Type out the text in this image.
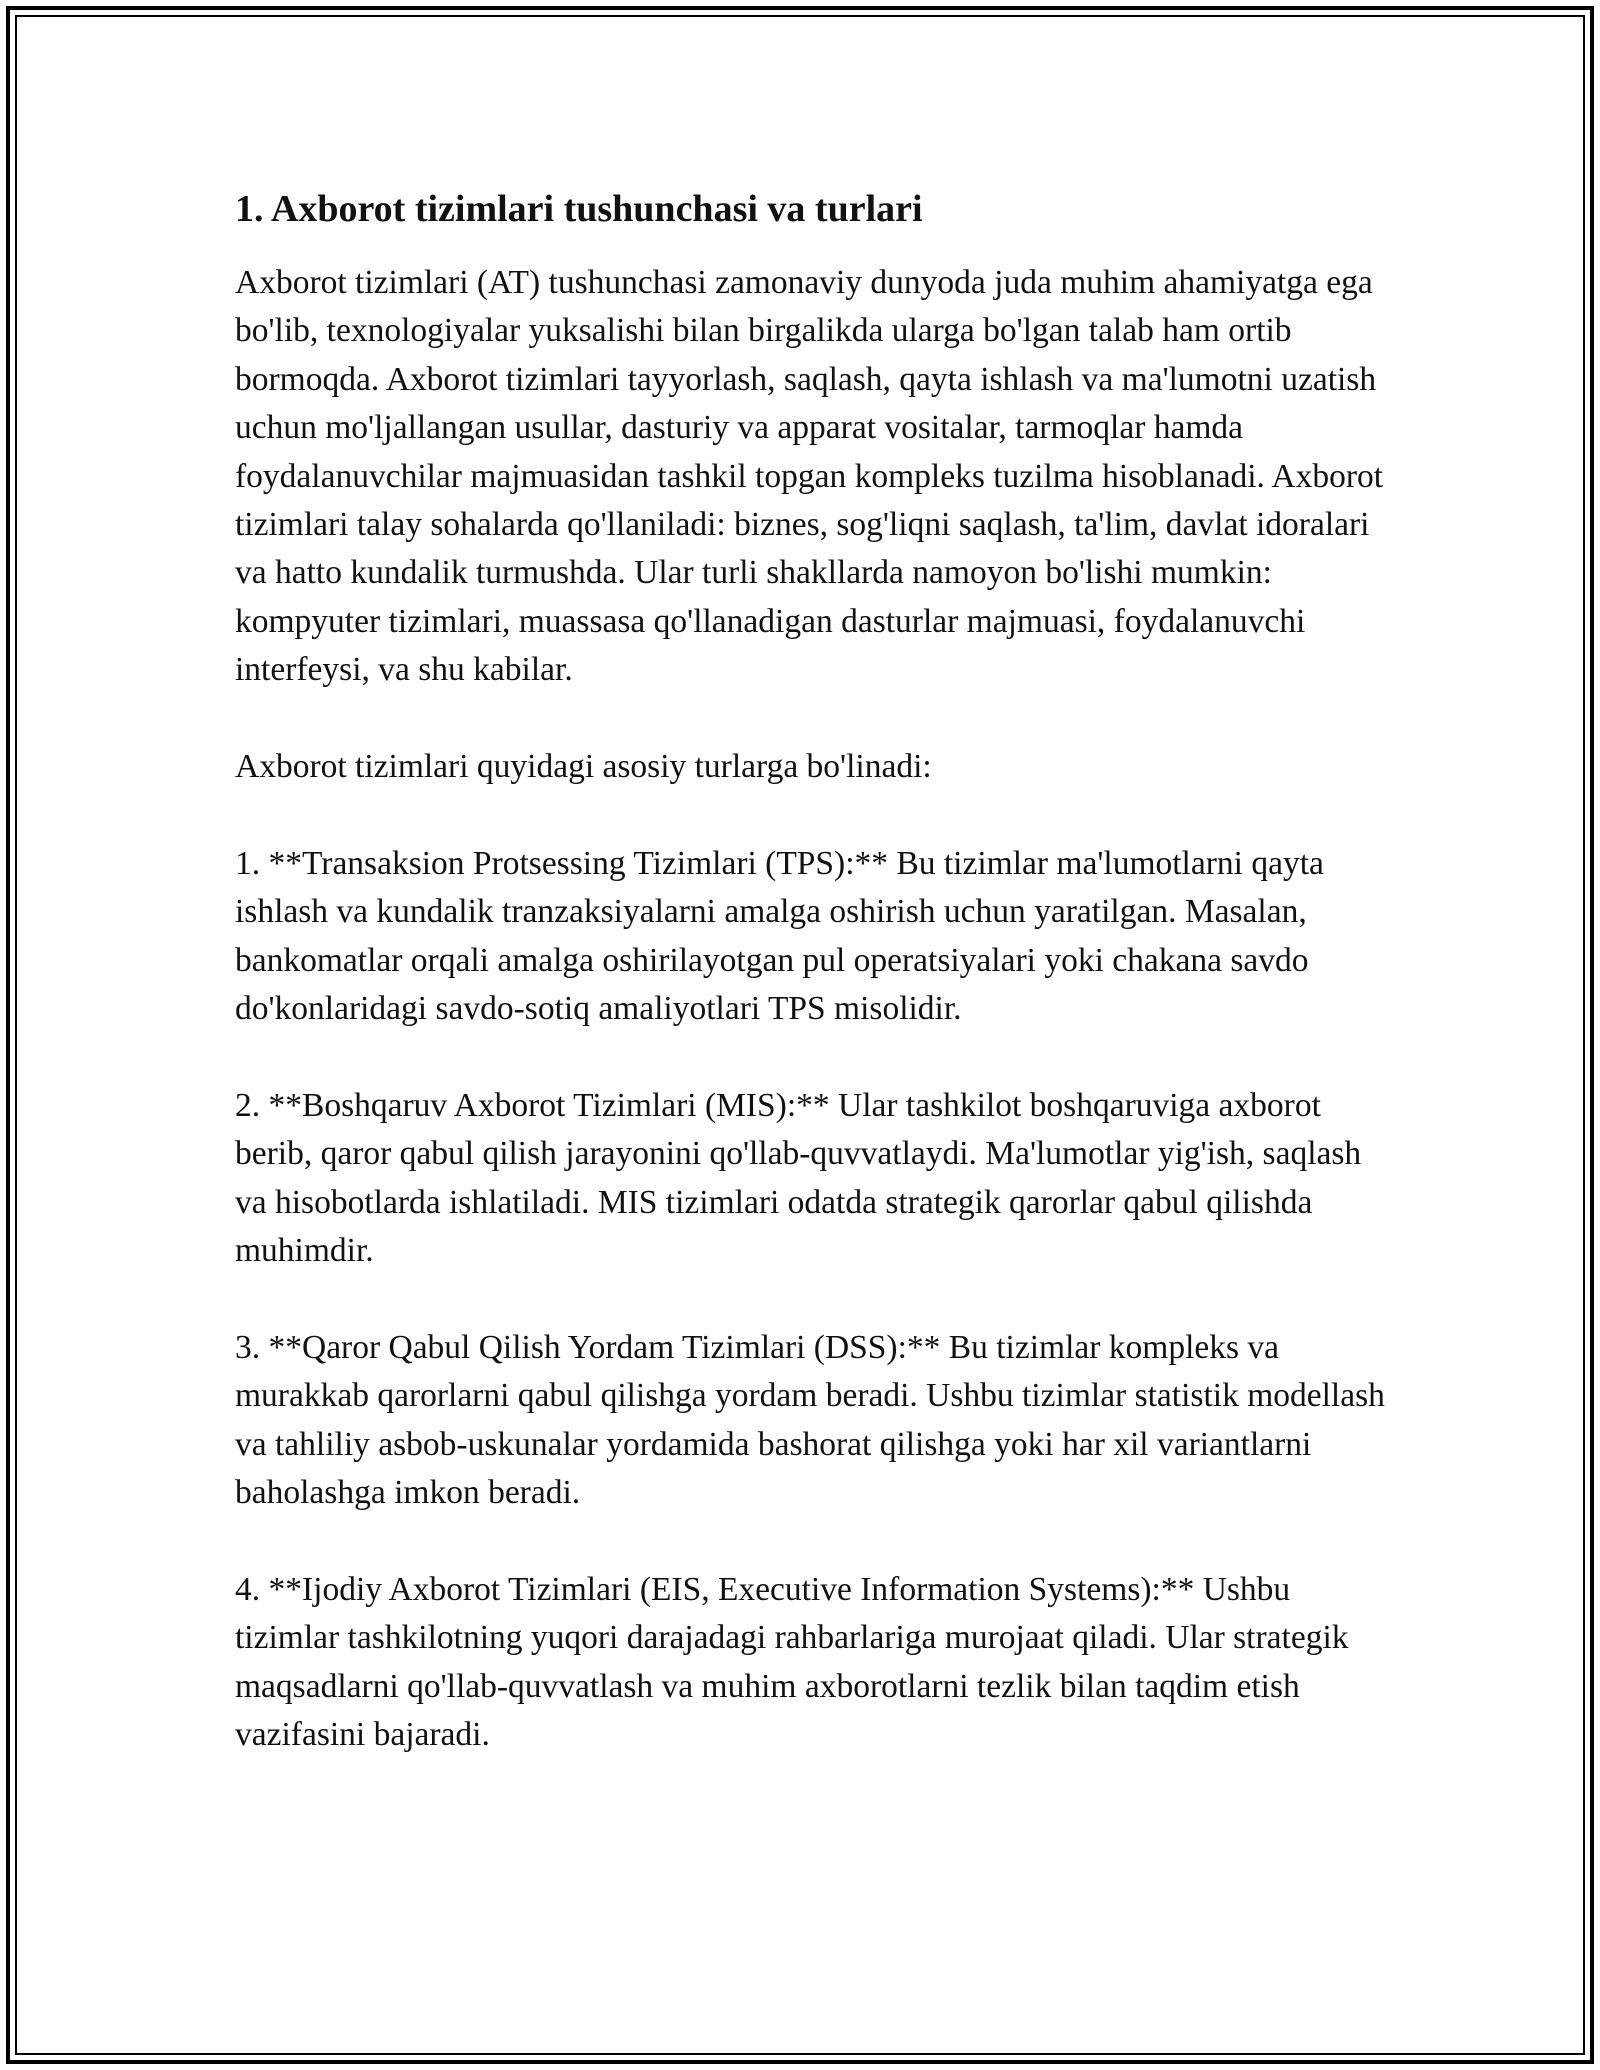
1. Axborot tizimlari tushunchasi va turlari

Axborot tizimlari (AT) tushunchasi zamonaviy dunyoda juda muhim ahamiyatga ega bo'lib, texnologiyalar yuksalishi bilan birgalikda ularga bo'lgan talab ham ortib bormoqda. Axborot tizimlari tayyorlash, saqlash, qayta ishlash va ma'lumotni uzatish uchun mo'ljallangan usullar, dasturiy va apparat vositalar, tarmoqlar hamda foydalanuvchilar majmuasidan tashkil topgan kompleks tuzilma hisoblanadi. Axborot tizimlari talay sohalarda qo'llaniladi: biznes, sog'liqni saqlash, ta'lim, davlat idoralari va hatto kundalik turmushda. Ular turli shakllarda namoyon bo'lishi mumkin: kompyuter tizimlari, muassasa qo'llanadigan dasturlar majmuasi, foydalanuvchi interfeysi, va shu kabilar.

Axborot tizimlari quyidagi asosiy turlarga bo'linadi:

1. **Transaksion Protsessing Tizimlari (TPS):** Bu tizimlar ma'lumotlarni qayta ishlash va kundalik tranzaksiyalarni amalga oshirish uchun yaratilgan. Masalan, bankomatlar orqali amalga oshirilayotgan pul operatsiyalari yoki chakana savdo do'konlaridagi savdo-sotiq amaliyotlari TPS misolidir.

2. **Boshqaruv Axborot Tizimlari (MIS):** Ular tashkilot boshqaruviga axborot berib, qaror qabul qilish jarayonini qo'llab-quvvatlaydi. Ma'lumotlar yig'ish, saqlash va hisobotlarda ishlatiladi. MIS tizimlari odatda strategik qarorlar qabul qilishda muhimdir.

3. **Qaror Qabul Qilish Yordam Tizimlari (DSS):** Bu tizimlar kompleks va murakkab qarorlarni qabul qilishga yordam beradi. Ushbu tizimlar statistik modellash va tahliliy asbob-uskunalar yordamida bashorat qilishga yoki har xil variantlarni baholashga imkon beradi.

4. **Ijodiy Axborot Tizimlari (EIS, Executive Information Systems):** Ushbu tizimlar tashkilotning yuqori darajadagi rahbarlariga murojaat qiladi. Ular strategik maqsadlarni qo'llab-quvvatlash va muhim axborotlarni tezlik bilan taqdim etish vazifasini bajaradi.
